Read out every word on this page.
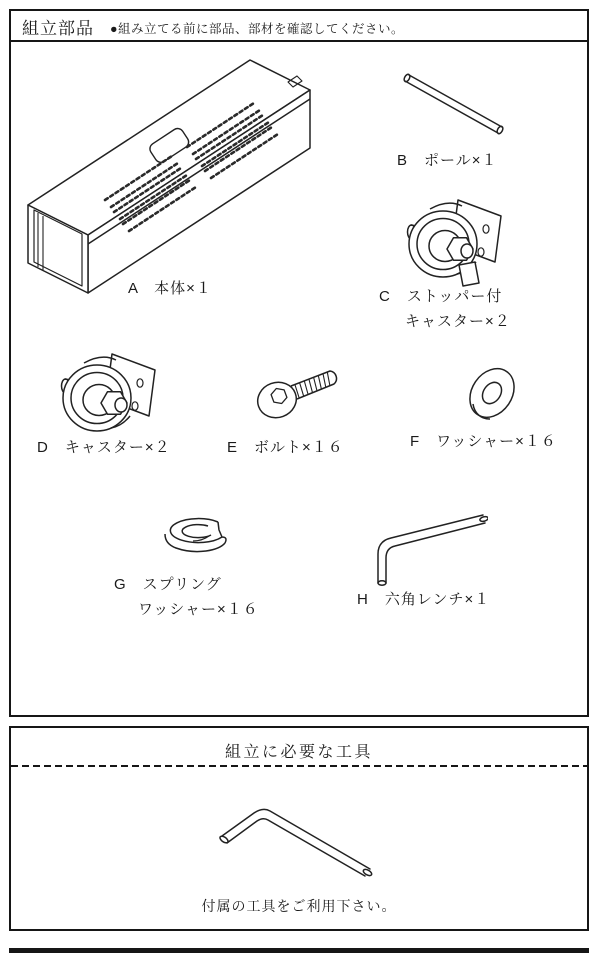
組立部品 ●組み立てる前に部品、部材を確認してください。
A　本体×１
B　ポール×１
C　ストッパー付
キャスター×２
D　キャスター×２	E　ボルト×１６	F　ワッシャー×１６
G　スプリング
ワッシャー×１６
H　六角レンチ×１
組立に必要な工具
付属の工具をご利用下さい。
